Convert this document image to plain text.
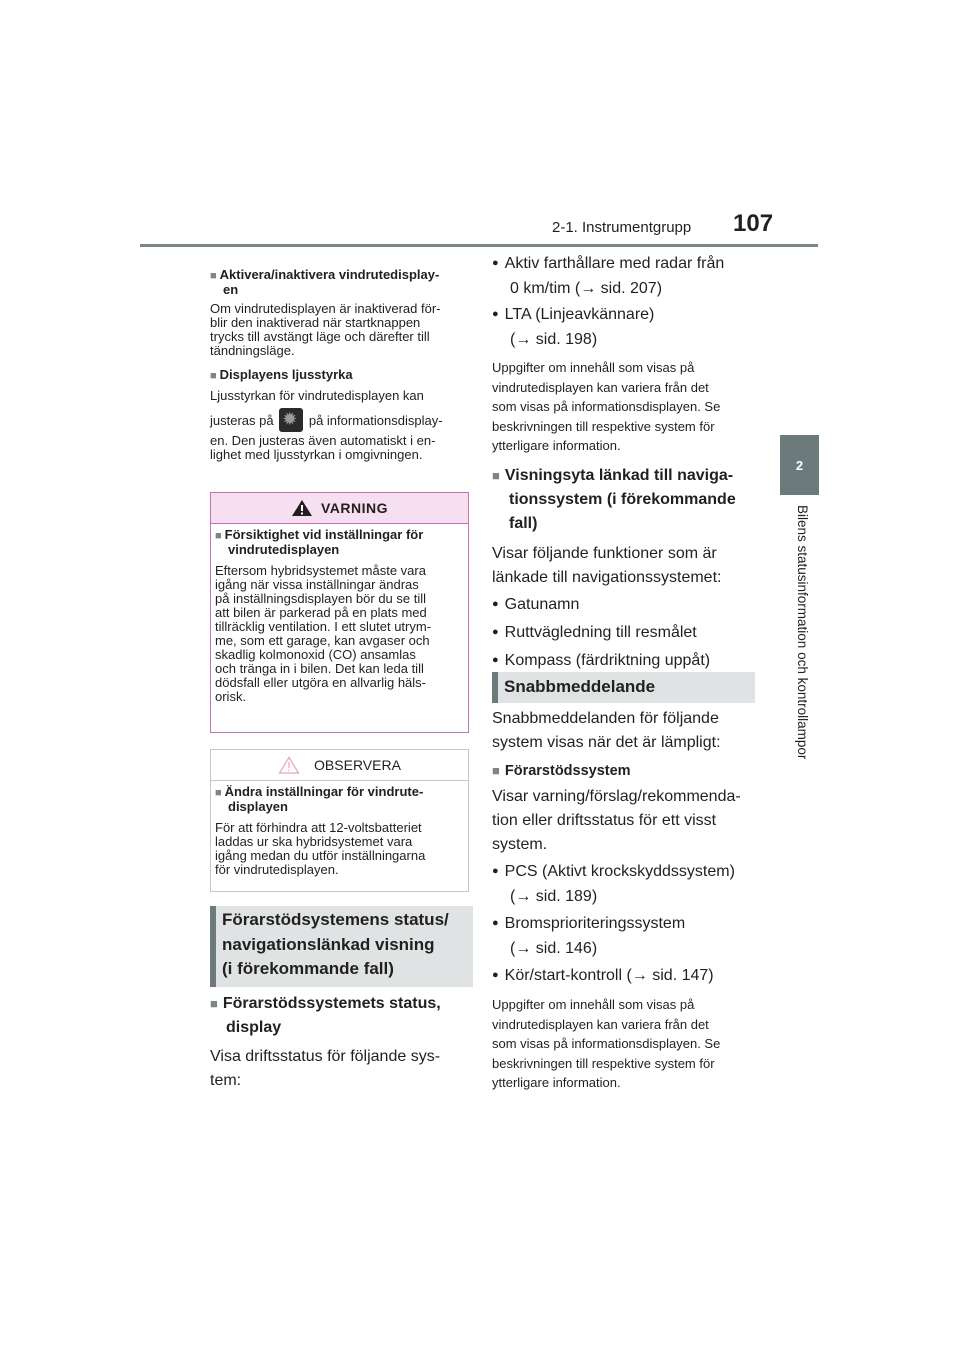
2-1. Instrumentgrupp 107
2
Bilens statusinformation och kontrollampor
■ Aktivera/inaktivera vindrutedisplay-
en
Om vindrutedisplayen är inaktiverad för-
blir den inaktiverad när startknappen
trycks till avstängt läge och därefter till
tändningsläge.
■ Displayens ljusstyrka
Ljusstyrkan för vindrutedisplayen kan
justeras på ✹	på informationsdisplay-
en. Den justeras även automatiskt i en-
lighet med ljusstyrkan i omgivningen.
VARNING
■ Försiktighet vid inställningar för
vindrutedisplayen
Eftersom hybridsystemet måste vara
igång när vissa inställningar ändras
på inställningsdisplayen bör du se till
att bilen är parkerad på en plats med
tillräcklig ventilation. I ett slutet utrym-
me, som ett garage, kan avgaser och
skadlig kolmonoxid (CO) ansamlas
och tränga in i bilen. Det kan leda till
dödsfall eller utgöra en allvarlig häls-
orisk.
OBSERVERA
■ Ändra inställningar för vindrute-
displayen
För att förhindra att 12-voltsbatteriet
laddas ur ska hybridsystemet vara
igång medan du utför inställningarna
för vindrutedisplayen.
Förarstödsystemens status/
navigationslänkad visning
(i förekommande fall)
■ Förarstödssystemets status,
display
Visa driftsstatus för följande sys-
tem:
● Aktiv farthållare med radar från
0 km/tim (→ sid. 207)
● LTA (Linjeavkännare)
(→ sid. 198)
Uppgifter om innehåll som visas på
vindrutedisplayen kan variera från det
som visas på informationsdisplayen. Se
beskrivningen till respektive system för
ytterligare information.
■ Visningsyta länkad till naviga-
tionssystem (i förekommande
fall)
Visar följande funktioner som är
länkade till navigationssystemet:
● Gatunamn
● Ruttvägledning till resmålet
● Kompass (färdriktning uppåt)
Snabbmeddelande
Snabbmeddelanden för följande
system visas när det är lämpligt:
■ Förarstödssystem
Visar varning/förslag/rekommenda-
tion eller driftsstatus för ett visst
system.
● PCS (Aktivt krockskyddssystem)
(→ sid. 189)
● Bromsprioriteringssystem
(→ sid. 146)
● Kör/start-kontroll (→ sid. 147)
Uppgifter om innehåll som visas på
vindrutedisplayen kan variera från det
som visas på informationsdisplayen. Se
beskrivningen till respektive system för
ytterligare information.
